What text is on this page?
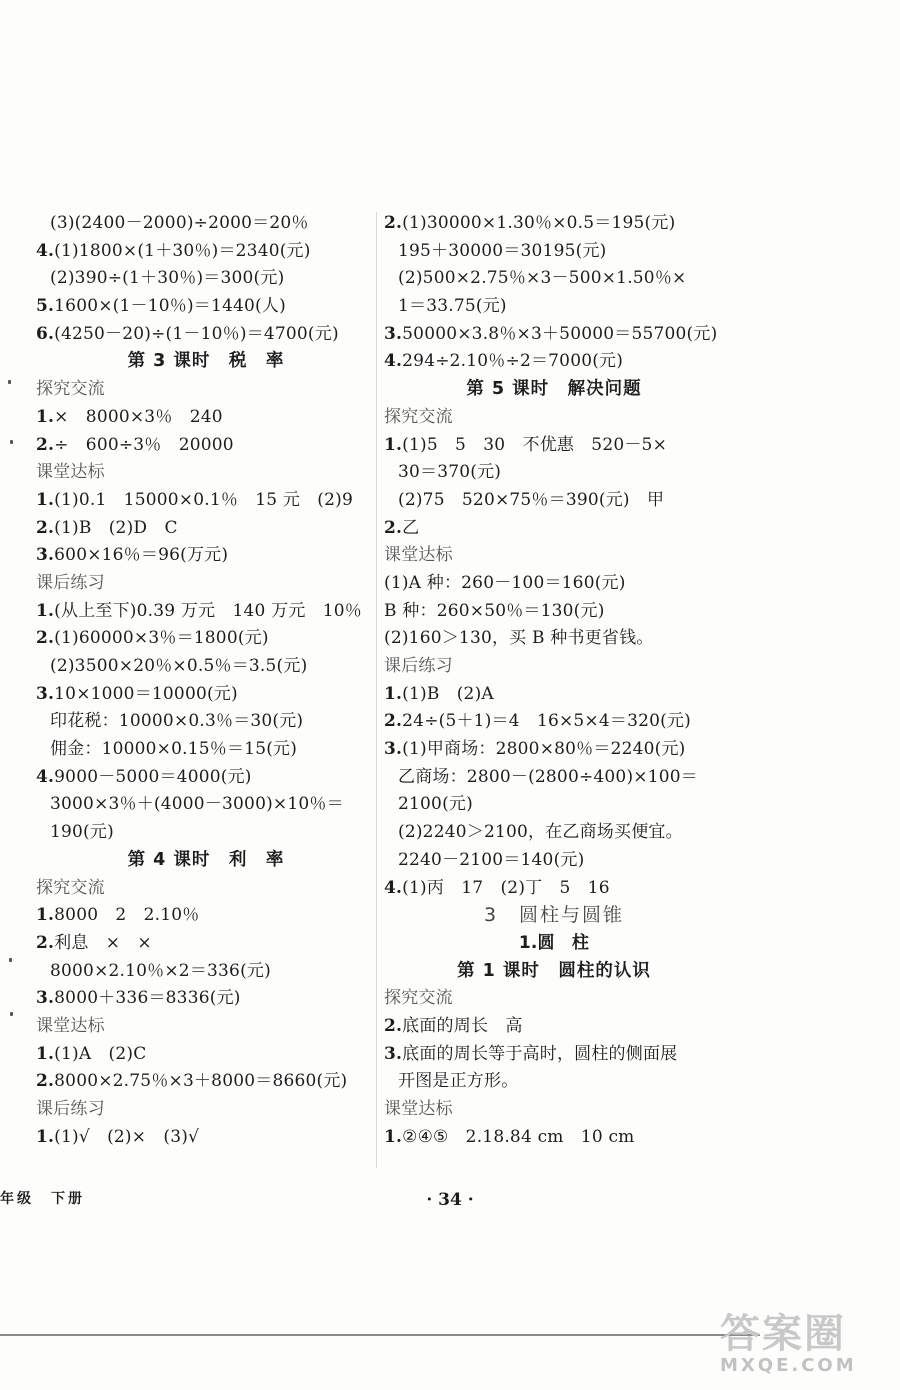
(3)(2400－2000)÷2000＝20％
4.(1)1800×(1＋30％)＝2340(元)
(2)390÷(1＋30％)＝300(元)
5.1600×(1－10％)＝1440(人)
6.(4250－20)÷(1－10％)＝4700(元)
第 3 课时　税　率
探究交流
1.×　8000×3％　240
2.÷　600÷3％　20000
课堂达标
1.(1)0.1　15000×0.1％　15 元　(2)9
2.(1)B　(2)D　C
3.600×16％＝96(万元)
课后练习
1.(从上至下)0.39 万元　140 万元　10％
2.(1)60000×3％＝1800(元)
(2)3500×20％×0.5％＝3.5(元)
3.10×1000＝10000(元)
印花税：10000×0.3％＝30(元)
佣金：10000×0.15％＝15(元)
4.9000－5000＝4000(元)
3000×3％＋(4000－3000)×10％＝
190(元)
第 4 课时　利　率
探究交流
1.8000　2　2.10％
2.利息　×　×
8000×2.10％×2＝336(元)
3.8000＋336＝8336(元)
课堂达标
1.(1)A　(2)C
2.8000×2.75％×3＋8000＝8660(元)
课后练习
1.(1)√　(2)×　(3)√
2.(1)30000×1.30％×0.5＝195(元)
195＋30000＝30195(元)
(2)500×2.75％×3－500×1.50％×
1＝33.75(元)
3.50000×3.8％×3＋50000＝55700(元)
4.294÷2.10％÷2＝7000(元)
第 5 课时　解决问题
探究交流
1.(1)5　5　30　不优惠　520－5×
30＝370(元)
(2)75　520×75％＝390(元)　甲
2.乙
课堂达标
(1)A 种：260－100＝160(元)
B 种：260×50％＝130(元)
(2)160＞130，买 B 种书更省钱。
课后练习
1.(1)B　(2)A
2.24÷(5＋1)＝4　16×5×4＝320(元)
3.(1)甲商场：2800×80％＝2240(元)
乙商场：2800－(2800÷400)×100＝
2100(元)
(2)2240＞2100，在乙商场买便宜。
2240－2100＝140(元)
4.(1)丙　17　(2)丁　5　16
3　圆柱与圆锥
1.圆　柱
第 1 课时　圆柱的认识
探究交流
2.底面的周长　高
3.底面的周长等于高时，圆柱的侧面展
开图是正方形。
课堂达标
1.②④⑤　2.18.84 cm　10 cm
年级　下册	· 34 ·
答案圈
MXQE.COM
